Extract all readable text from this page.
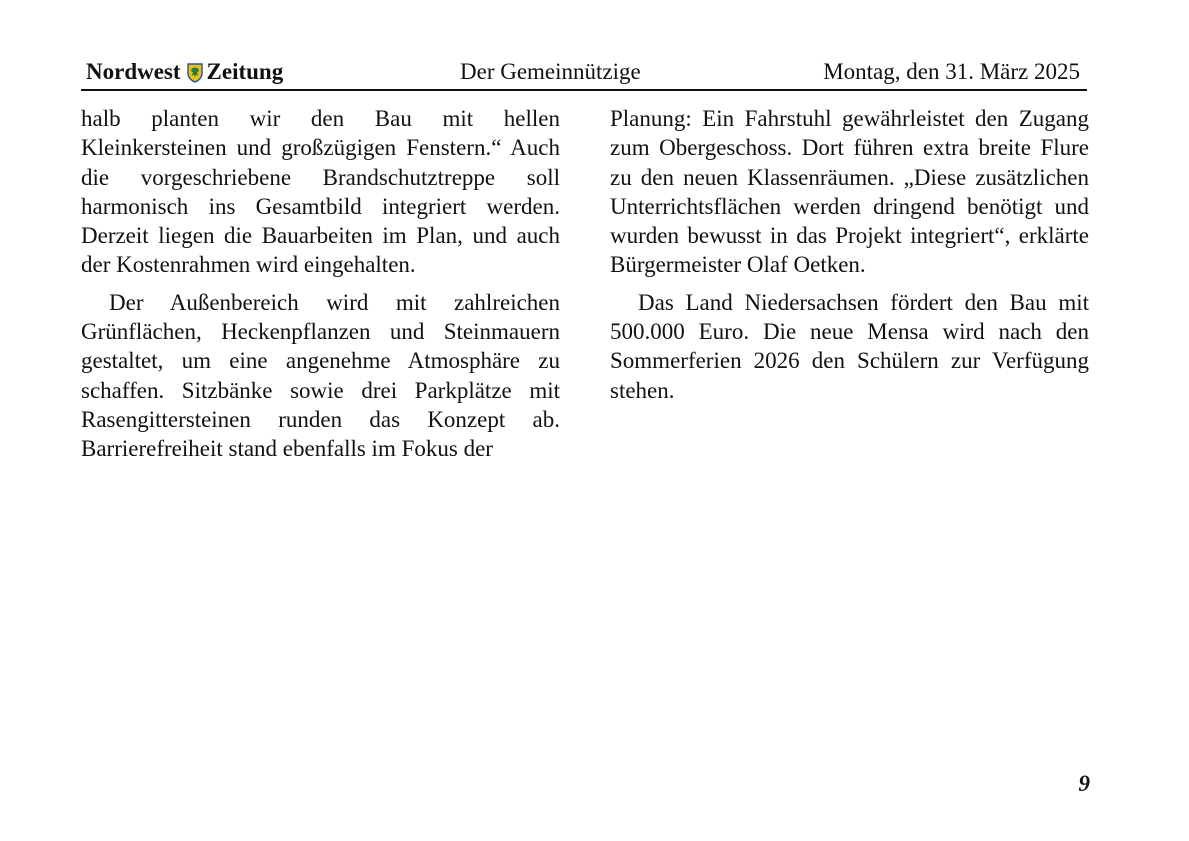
Nordwest Zeitung	Der Gemeinnützige	Montag, den 31. März 2025

halb planten wir den Bau mit hellen Kleinkersteinen und großzügigen Fenstern.“ Auch die vorgeschriebene Brandschutztreppe soll harmonisch ins Gesamtbild integriert werden. Derzeit liegen die Bauarbeiten im Plan, und auch der Kostenrahmen wird eingehalten.

Der Außenbereich wird mit zahlreichen Grünflächen, Heckenpflanzen und Steinmauern gestaltet, um eine angenehme Atmosphäre zu schaffen. Sitzbänke sowie drei Parkplätze mit Rasengittersteinen runden das Konzept ab. Barrierefreiheit stand ebenfalls im Fokus der

Planung: Ein Fahrstuhl gewährleistet den Zugang zum Obergeschoss. Dort führen extra breite Flure zu den neuen Klassenräumen. „Diese zusätzlichen Unterrichtsflächen werden dringend benötigt und wurden bewusst in das Projekt integriert“, erklärte Bürgermeister Olaf Oetken.

Das Land Niedersachsen fördert den Bau mit 500.000 Euro. Die neue Mensa wird nach den Sommerferien 2026 den Schülern zur Verfügung stehen.

9
